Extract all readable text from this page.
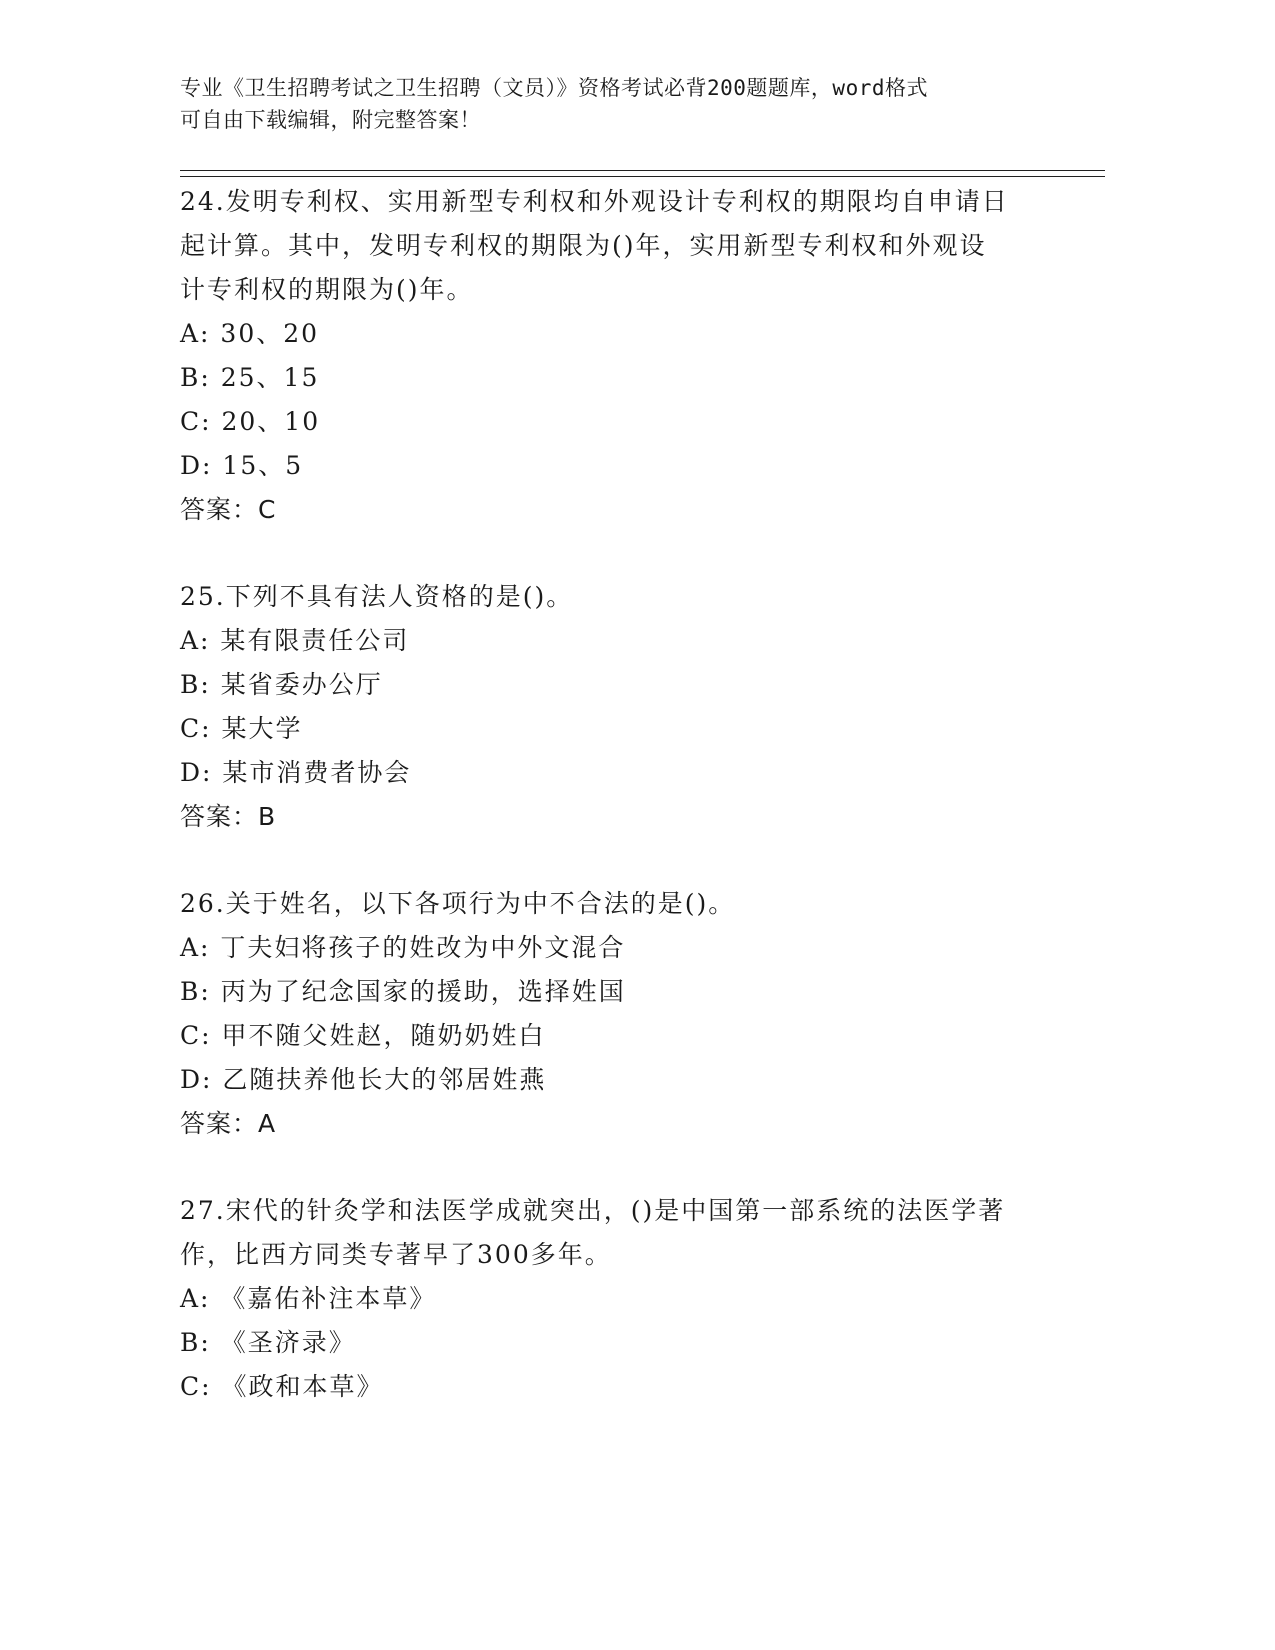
专业《卫生招聘考试之卫生招聘（文员）》资格考试必背200题题库，word格式
可自由下载编辑，附完整答案！

24.发明专利权、实用新型专利权和外观设计专利权的期限均自申请日

起计算。其中，发明专利权的期限为()年，实用新型专利权和外观设

计专利权的期限为()年。

A: 30、20

B: 25、15

C: 20、10

D: 15、5

答案：C

25.下列不具有法人资格的是()。

A: 某有限责任公司

B: 某省委办公厅

C: 某大学

D: 某市消费者协会

答案：B

26.关于姓名，以下各项行为中不合法的是()。

A: 丁夫妇将孩子的姓改为中外文混合

B: 丙为了纪念国家的援助，选择姓国

C: 甲不随父姓赵，随奶奶姓白

D: 乙随扶养他长大的邻居姓燕

答案：A

27.宋代的针灸学和法医学成就突出，()是中国第一部系统的法医学著

作，比西方同类专著早了300多年。

A: 《嘉佑补注本草》

B: 《圣济录》

C: 《政和本草》
